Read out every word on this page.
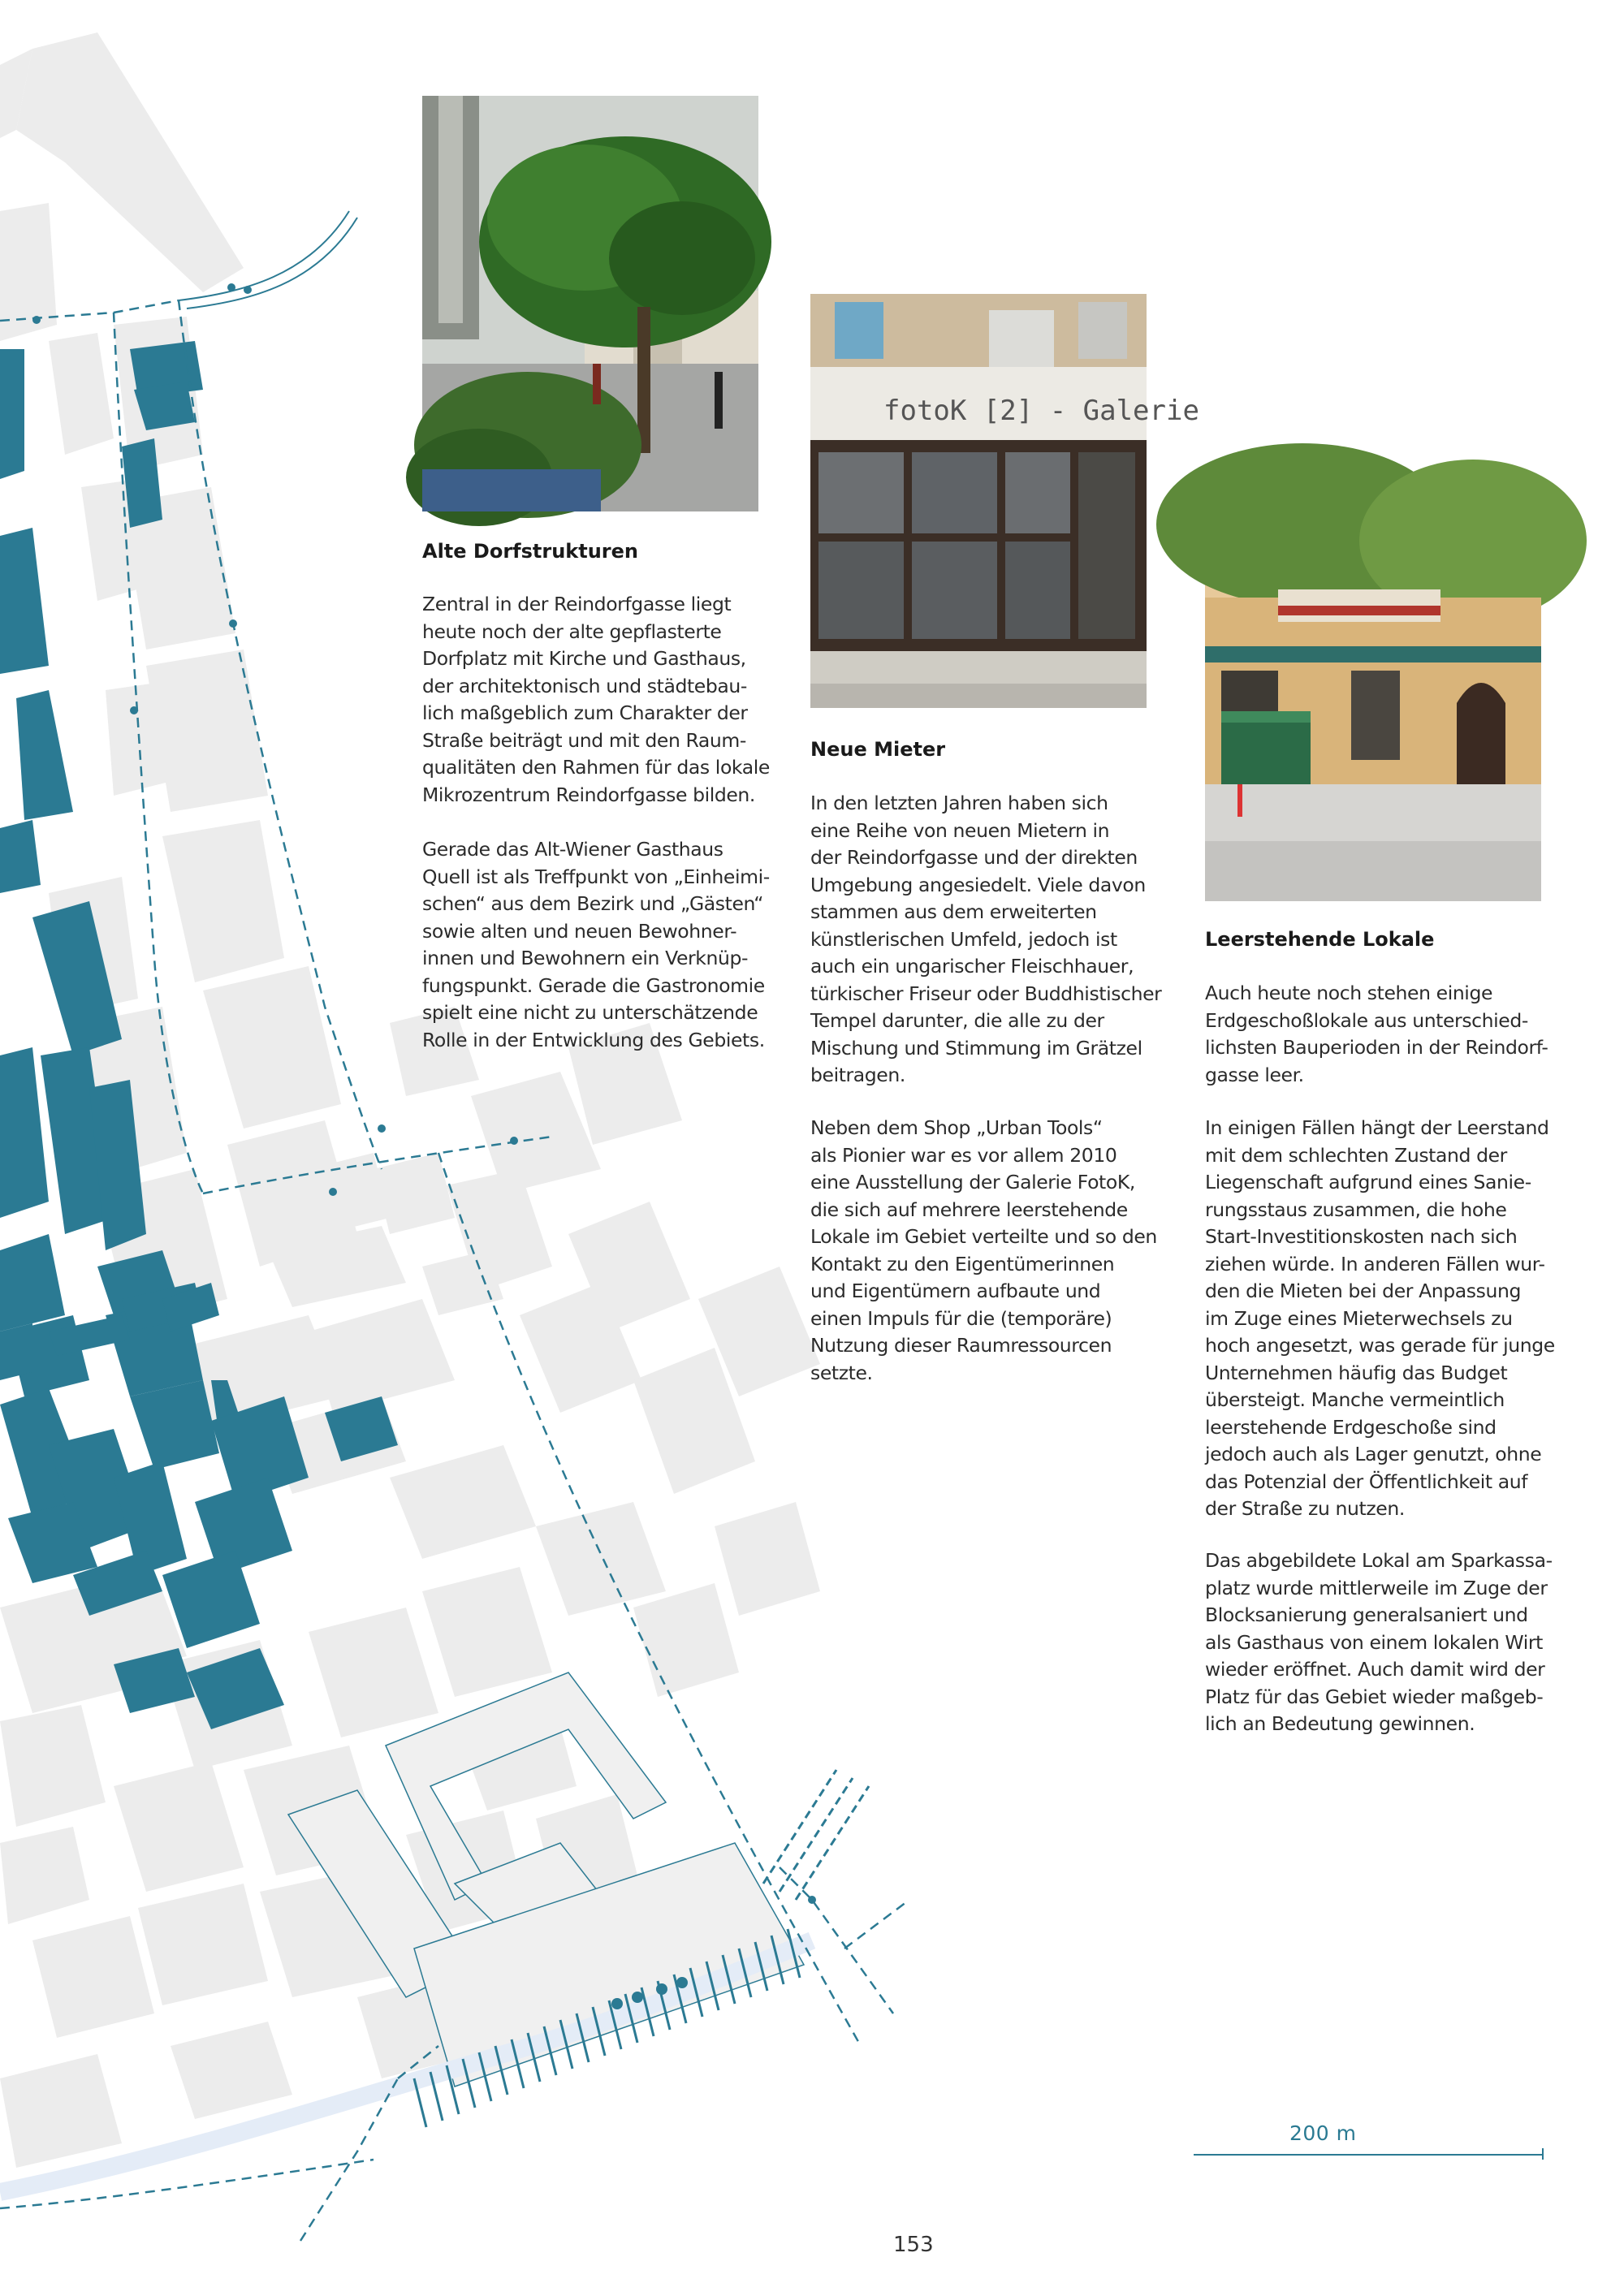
fotoK [2] - Galerie
Alte Dorfstrukturen

Zentral in der Reindorfgasse liegt
heute noch der alte gepflasterte
Dorfplatz mit Kirche und Gasthaus,
der architektonisch und städtebau-
lich maßgeblich zum Charakter der
Straße beiträgt und mit den Raum-
qualitäten den Rahmen für das lokale
Mikrozentrum Reindorfgasse bilden.

Gerade das Alt-Wiener Gasthaus
Quell ist als Treffpunkt von „Einheimi-
schen“ aus dem Bezirk und „Gästen“
sowie alten und neuen Bewohner-
innen und Bewohnern ein Verknüp-
fungspunkt. Gerade die Gastronomie
spielt eine nicht zu unterschätzende
Rolle in der Entwicklung des Gebiets.

Neue Mieter

In den letzten Jahren haben sich
eine Reihe von neuen Mietern in
der Reindorfgasse und der direkten
Umgebung angesiedelt. Viele davon
stammen aus dem erweiterten
künstlerischen Umfeld, jedoch ist
auch ein ungarischer Fleischhauer,
türkischer Friseur oder Buddhistischer
Tempel darunter, die alle zu der
Mischung und Stimmung im Grätzel
beitragen.

Neben dem Shop „Urban Tools“
als Pionier war es vor allem 2010
eine Ausstellung der Galerie FotoK,
die sich auf mehrere leerstehende
Lokale im Gebiet verteilte und so den
Kontakt zu den Eigentümerinnen
und Eigentümern aufbaute und
einen Impuls für die (temporäre)
Nutzung dieser Raumressourcen
setzte.

Leerstehende Lokale

Auch heute noch stehen einige
Erdgeschoßlokale aus unterschied-
lichsten Bauperioden in der Reindorf-
gasse leer.

In einigen Fällen hängt der Leerstand
mit dem schlechten Zustand der
Liegenschaft aufgrund eines Sanie-
rungsstaus zusammen, die hohe
Start-Investitionskosten nach sich
ziehen würde. In anderen Fällen wur-
den die Mieten bei der Anpassung
im Zuge eines Mieterwechsels zu
hoch angesetzt, was gerade für junge
Unternehmen häufig das Budget
übersteigt. Manche vermeintlich
leerstehende Erdgeschoße sind
jedoch auch als Lager genutzt, ohne
das Potenzial der Öffentlichkeit auf
der Straße zu nutzen.

Das abgebildete Lokal am Sparkassa-
platz wurde mittlerweile im Zuge der
Blocksanierung generalsaniert und
als Gasthaus von einem lokalen Wirt
wieder eröffnet. Auch damit wird der
Platz für das Gebiet wieder maßgeb-
lich an Bedeutung gewinnen.

200 m
153
